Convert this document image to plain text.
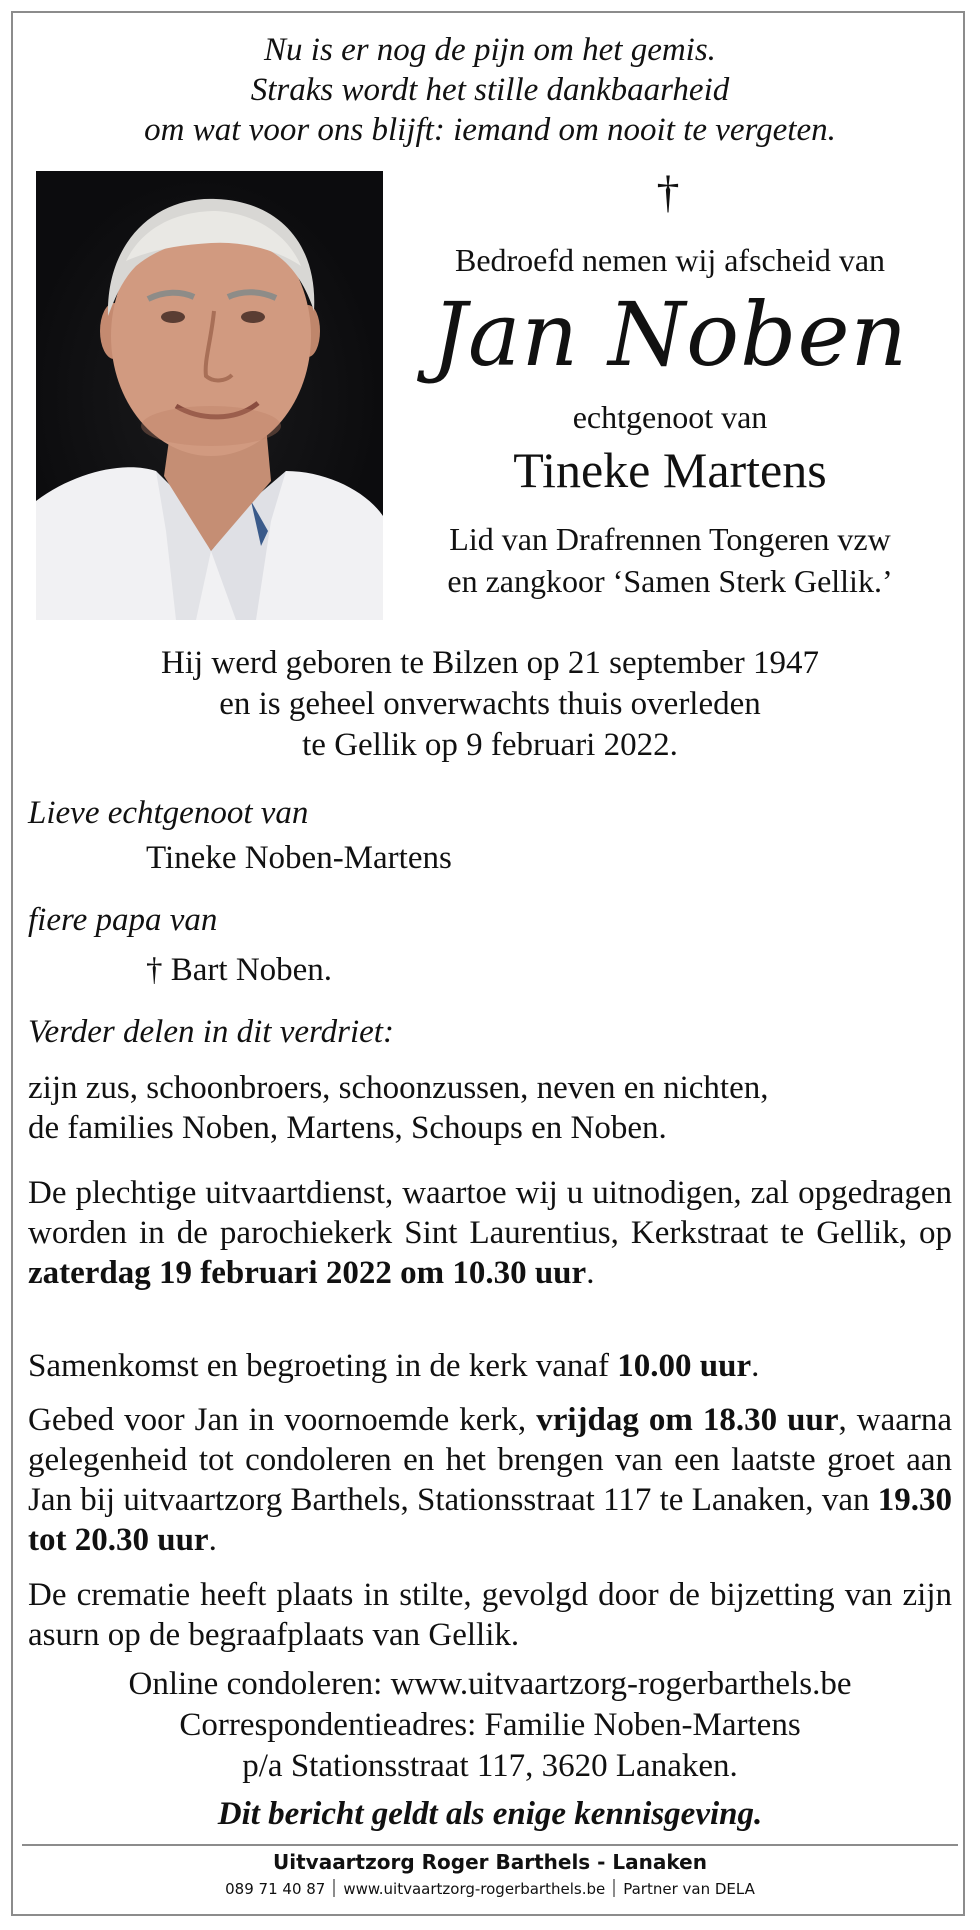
Nu is er nog de pijn om het gemis.
Straks wordt het stille dankbaarheid
om wat voor ons blijft: iemand om nooit te vergeten.
†
Bedroefd nemen wij afscheid van
Jan Noben
echtgenoot van
Tineke Martens
Lid van Drafrennen Tongeren vzw
en zangkoor ‘Samen Sterk Gellik.’
Hij werd geboren te Bilzen op 21 september 1947
en is geheel onverwachts thuis overleden
te Gellik op 9 februari 2022.
Lieve echtgenoot van
Tineke Noben-Martens
fiere papa van
† Bart Noben.
Verder delen in dit verdriet:
zijn zus, schoonbroers, schoonzussen, neven en nichten,
de families Noben, Martens, Schoups en Noben.
De plechtige uitvaartdienst, waartoe wij u uitnodigen, zal opgedragen worden in de parochiekerk Sint Laurentius, Kerkstraat te Gellik, op zaterdag 19 februari 2022 om 10.30 uur.
Samenkomst en begroeting in de kerk vanaf 10.00 uur.
Gebed voor Jan in voornoemde kerk, vrijdag om 18.30 uur, waarna gelegenheid tot condoleren en het brengen van een laatste groet aan Jan bij uitvaartzorg Barthels, Stationsstraat 117 te Lanaken, van 19.30 tot 20.30 uur.
De crematie heeft plaats in stilte, gevolgd door de bijzetting van zijn asurn op de begraafplaats van Gellik.
Online condoleren: www.uitvaartzorg-rogerbarthels.be
Correspondentieadres: Familie Noben-Martens
p/a Stationsstraat 117, 3620 Lanaken.
Dit bericht geldt als enige kennisgeving.
Uitvaartzorg Roger Barthels - Lanaken
089 71 40 87 www.uitvaartzorg-rogerbarthels.be Partner van DELA
